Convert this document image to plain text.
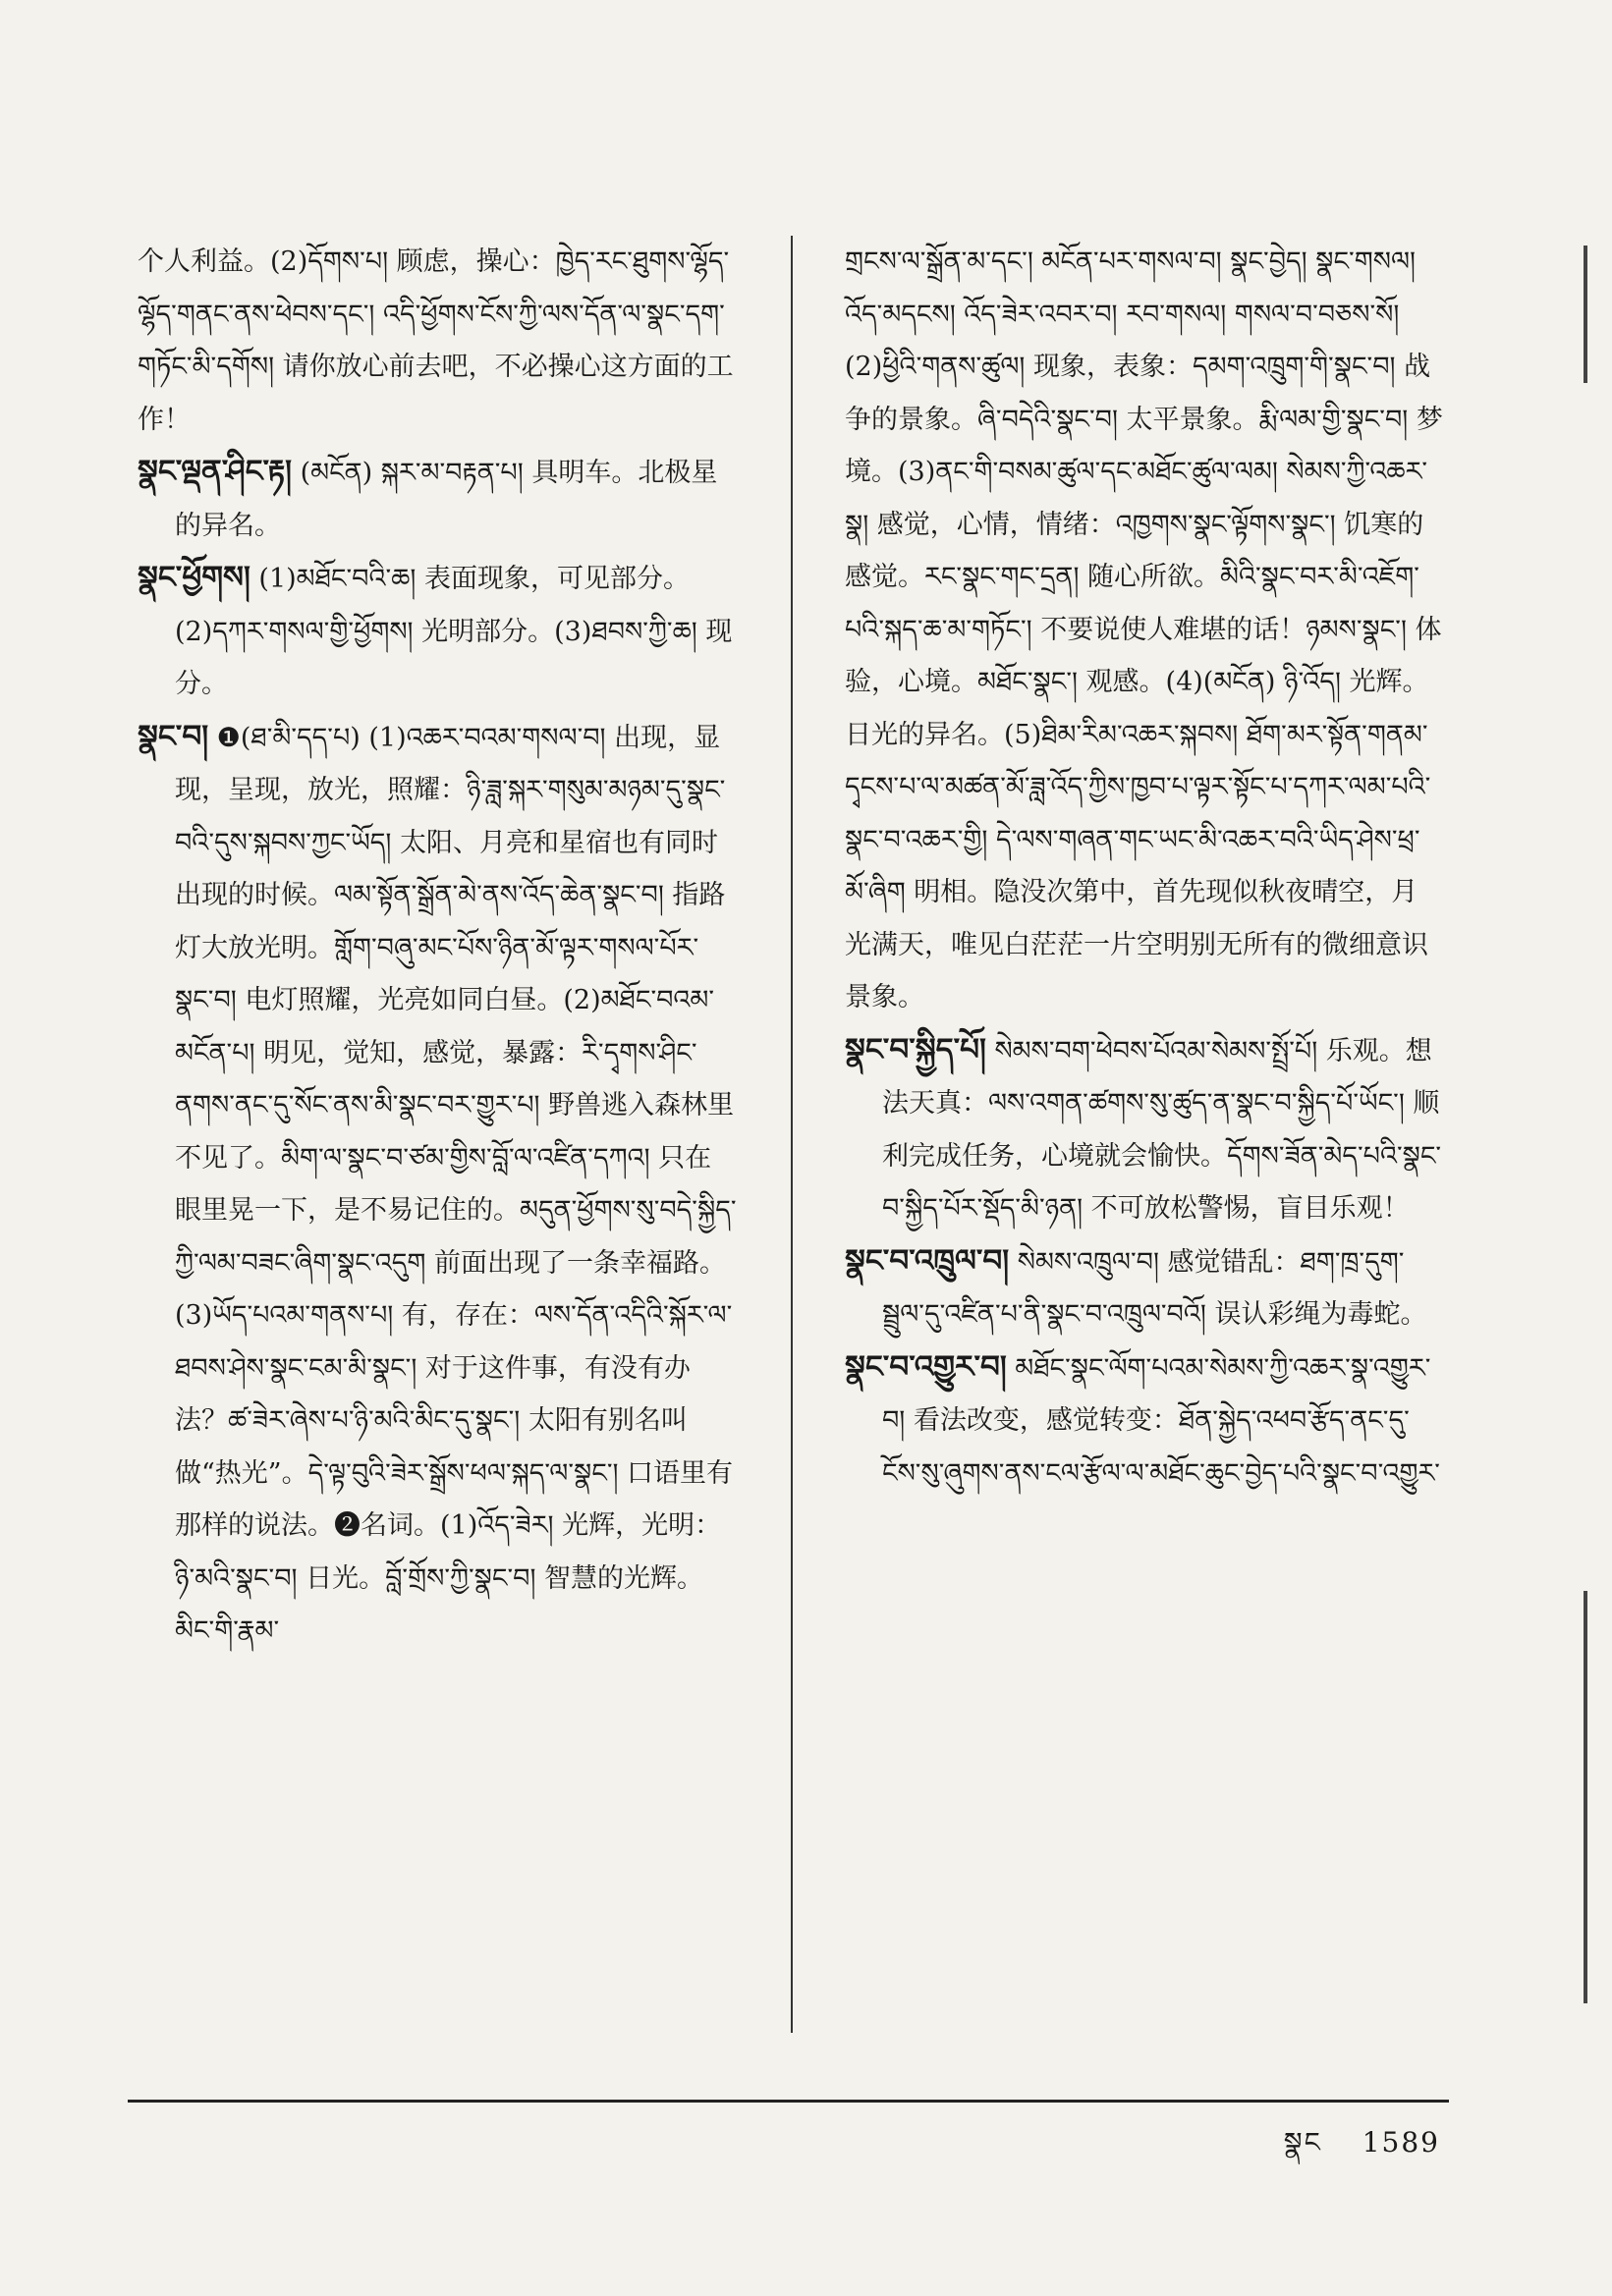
个人利益。(2)དོགས་པ། 顾虑，操心：ཁྱེད་རང་ཐུགས་ལྷོད་ལྷོད་གནང་ནས་ཕེབས་དང་། འདི་ཕྱོགས་ངོས་ཀྱི་ལས་དོན་ལ་སྣང་དག་གཏོང་མི་དགོས། 请你放心前去吧，不必操心这方面的工作！

སྣང་ལྡན་ཤིང་རྟ། (མངོན) སྐར་མ་བརྟན་པ། 具明车。北极星的异名。

སྣང་ཕྱོགས། (1)མཐོང་བའི་ཆ། 表面现象，可见部分。(2)དཀར་གསལ་གྱི་ཕྱོགས། 光明部分。(3)ཐབས་ཀྱི་ཆ། 现分。

སྣང་བ། ❶(ཐ་མི་དད་པ) (1)འཆར་བའམ་གསལ་བ། 出现，显现，呈现，放光，照耀：ཉི་ཟླ་སྐར་གསུམ་མཉམ་དུ་སྣང་བའི་དུས་སྐབས་ཀྱང་ཡོད། 太阳、月亮和星宿也有同时出现的时候。ལམ་སྟོན་སྒྲོན་མེ་ནས་འོད་ཆེན་སྣང་བ། 指路灯大放光明。གློག་བཞུ་མང་པོས་ཉིན་མོ་ལྟར་གསལ་པོར་སྣང་བ། 电灯照耀，光亮如同白昼。(2)མཐོང་བའམ་མངོན་པ། 明见，觉知，感觉，暴露：རི་དྭགས་ཤིང་ནགས་ནང་དུ་སོང་ནས་མི་སྣང་བར་གྱུར་པ། 野兽逃入森林里不见了。མིག་ལ་སྣང་བ་ཙམ་གྱིས་བློ་ལ་འཛིན་དཀའ། 只在眼里晃一下，是不易记住的。མདུན་ཕྱོགས་སུ་བདེ་སྐྱིད་ཀྱི་ལམ་བཟང་ཞིག་སྣང་འདུག 前面出现了一条幸福路。(3)ཡོད་པའམ་གནས་པ། 有，存在：ལས་དོན་འདིའི་སྐོར་ལ་ཐབས་ཤེས་སྣང་ངམ་མི་སྣང་། 对于这件事，有没有办法？ཚ་ཟེར་ཞེས་པ་ཉི་མའི་མིང་དུ་སྣང་། 太阳有别名叫做“热光”。དེ་ལྟ་བུའི་ཟེར་སྒྲོས་ཕལ་སྐད་ལ་སྣང་། 口语里有那样的说法。❷名词。(1)འོད་ཟེར། 光辉，光明：ཉི་མའི་སྣང་བ། 日光。བློ་གྲོས་ཀྱི་སྣང་བ། 智慧的光辉。མིང་གི་རྣམ་

གྲངས་ལ་སྒྲོན་མ་དང་། མངོན་པར་གསལ་བ། སྣང་བྱེད། སྣང་གསལ། འོད་མདངས། འོད་ཟེར་འབར་བ། རབ་གསལ། གསལ་བ་བཅས་སོ། (2)ཕྱིའི་གནས་ཚུལ། 现象，表象：དམག་འཁྲུག་གི་སྣང་བ། 战争的景象。ཞི་བདེའི་སྣང་བ། 太平景象。རྨི་ལམ་གྱི་སྣང་བ། 梦境。(3)ནང་གི་བསམ་ཚུལ་དང་མཐོང་ཚུལ་ལམ། སེམས་ཀྱི་འཆར་སྣ། 感觉，心情，情绪：འཁྱགས་སྣང་ལྟོགས་སྣང་། 饥寒的感觉。རང་སྣང་གང་དྲན། 随心所欲。མིའི་སྣང་བར་མི་འཇོག་པའི་སྐད་ཆ་མ་གཏོང་། 不要说使人难堪的话！ཉམས་སྣང་། 体验，心境。མཐོང་སྣང་། 观感。(4)(མངོན) ཉི་འོད། 光辉。日光的异名。(5)ཐིམ་རིམ་འཆར་སྐབས། ཐོག་མར་སྟོན་གནམ་དྭངས་པ་ལ་མཚན་མོ་ཟླ་འོད་ཀྱིས་ཁྱབ་པ་ལྟར་སྟོང་པ་དཀར་ལམ་པའི་སྣང་བ་འཆར་གྱི། དེ་ལས་གཞན་གང་ཡང་མི་འཆར་བའི་ཡིད་ཤེས་ཕྲ་མོ་ཞིག 明相。隐没次第中，首先现似秋夜晴空，月光满天，唯见白茫茫一片空明别无所有的微细意识景象。

སྣང་བ་སྐྱིད་པོ། སེམས་བག་ཕེབས་པོའམ་སེམས་སྤྲོ་པོ། 乐观。想法天真：ལས་འགན་ཚགས་སུ་ཚུད་ན་སྣང་བ་སྐྱིད་པོ་ཡོང་། 顺利完成任务，心境就会愉快。དོགས་ཟོན་མེད་པའི་སྣང་བ་སྐྱིད་པོར་སྡོད་མི་ཉན། 不可放松警惕，盲目乐观！

སྣང་བ་འཁྲུལ་བ། སེམས་འཁྲུལ་བ། 感觉错乱：ཐག་ཁྲ་དུག་སྦྲུལ་དུ་འཛིན་པ་ནི་སྣང་བ་འཁྲུལ་བའོ། 误认彩绳为毒蛇。

སྣང་བ་འགྱུར་བ། མཐོང་སྣང་ལོག་པའམ་སེམས་ཀྱི་འཆར་སྣ་འགྱུར་བ། 看法改变，感觉转变：ཐོན་སྐྱེད་འཕབ་རྩོད་ནང་དུ་ངོས་སུ་ཞུགས་ནས་ངལ་རྩོལ་ལ་མཐོང་ཆུང་བྱེད་པའི་སྣང་བ་འགྱུར་

སྣང 1589
